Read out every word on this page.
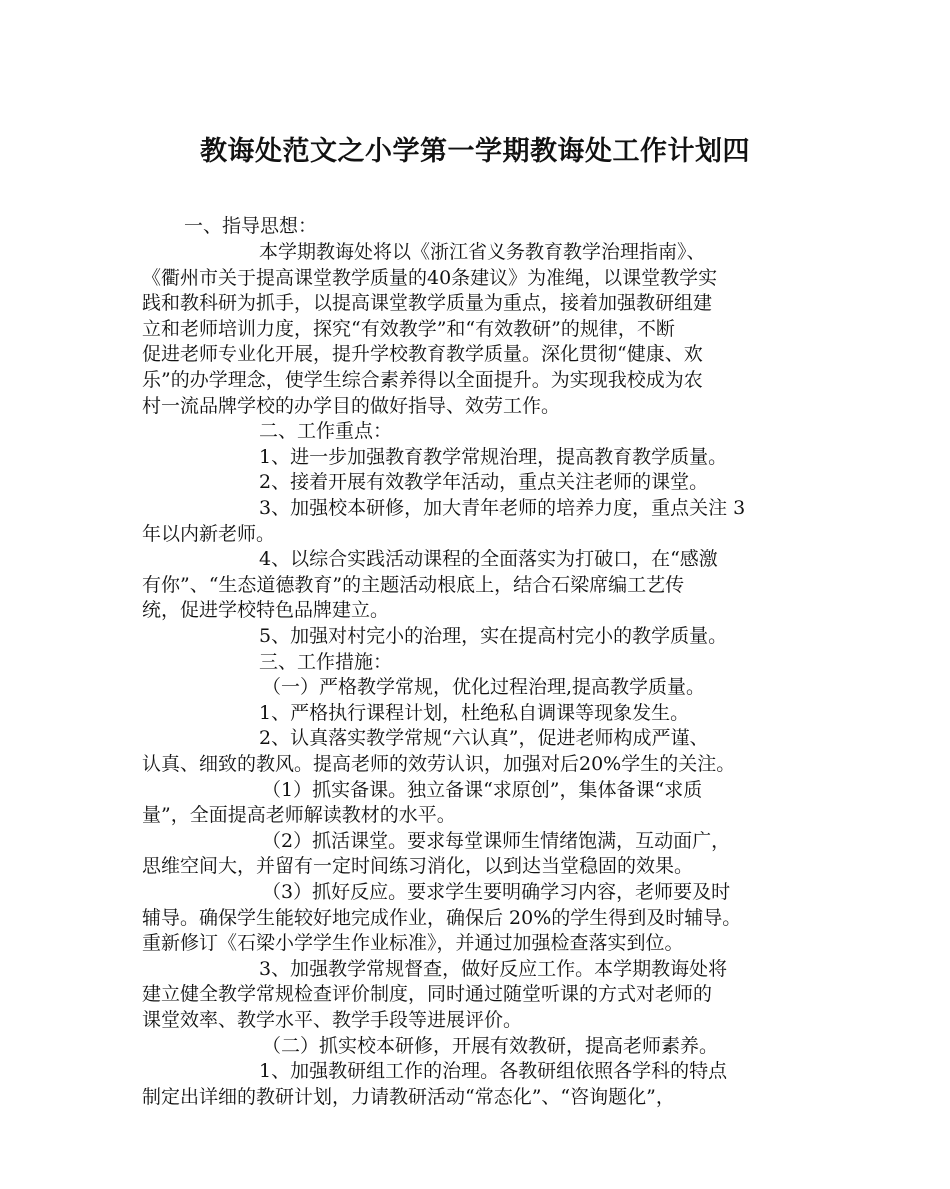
教诲处范文之小学第一学期教诲处工作计划四
一、指导思想：
本学期教诲处将以《浙江省义务教育教学治理指南》、
《衢州市关于提高课堂教学质量的40条建议》为准绳，以课堂教学实
践和教科研为抓手，以提高课堂教学质量为重点，接着加强教研组建
立和老师培训力度，探究“有效教学”和“有效教研”的规律，不断
促进老师专业化开展，提升学校教育教学质量。深化贯彻“健康、欢
乐”的办学理念，使学生综合素养得以全面提升。为实现我校成为农
村一流品牌学校的办学目的做好指导、效劳工作。
二、工作重点：
1、进一步加强教育教学常规治理，提高教育教学质量。
2、接着开展有效教学年活动，重点关注老师的课堂。
3、加强校本研修，加大青年老师的培养力度，重点关注 3
年以内新老师。
4、以综合实践活动课程的全面落实为打破口，在“感激
有你”、“生态道德教育”的主题活动根底上，结合石梁席编工艺传
统，促进学校特色品牌建立。
5、加强对村完小的治理，实在提高村完小的教学质量。
三、工作措施：
（一）严格教学常规，优化过程治理,提高教学质量。
1、严格执行课程计划，杜绝私自调课等现象发生。
2、认真落实教学常规“六认真”，促进老师构成严谨、
认真、细致的教风。提高老师的效劳认识，加强对后20%学生的关注。
（1）抓实备课。独立备课“求原创”，集体备课“求质
量”，全面提高老师解读教材的水平。
（2）抓活课堂。要求每堂课师生情绪饱满，互动面广，
思维空间大，并留有一定时间练习消化，以到达当堂稳固的效果。
（3）抓好反应。要求学生要明确学习内容，老师要及时
辅导。确保学生能较好地完成作业，确保后 20%的学生得到及时辅导。
重新修订《石梁小学学生作业标准》，并通过加强检查落实到位。
3、加强教学常规督查，做好反应工作。本学期教诲处将
建立健全教学常规检查评价制度，同时通过随堂听课的方式对老师的
课堂效率、教学水平、教学手段等进展评价。
（二）抓实校本研修，开展有效教研，提高老师素养。
1、加强教研组工作的治理。各教研组依照各学科的特点
制定出详细的教研计划，力请教研活动“常态化”、“咨询题化”，
